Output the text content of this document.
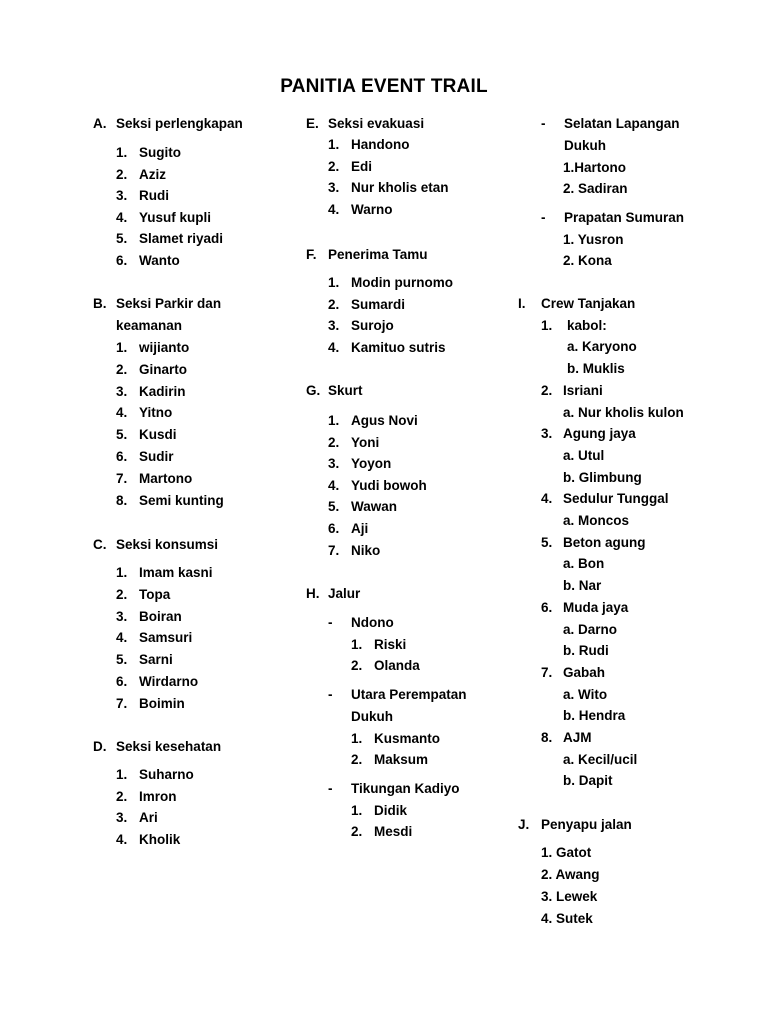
PANITIA EVENT TRAIL
A. Seksi perlengkapan
1. Sugito
2. Aziz
3. Rudi
4. Yusuf kupli
5. Slamet riyadi
6. Wanto
B. Seksi Parkir dan
keamanan
1. wijianto
2. Ginarto
3. Kadirin
4. Yitno
5. Kusdi
6. Sudir
7. Martono
8. Semi kunting
C. Seksi konsumsi
1. Imam kasni
2. Topa
3. Boiran
4. Samsuri
5. Sarni
6. Wirdarno
7. Boimin
D. Seksi kesehatan
1. Suharno
2. Imron
3. Ari
4. Kholik
E. Seksi evakuasi
1. Handono
2. Edi
3. Nur kholis etan
4. Warno
F. Penerima Tamu
1. Modin purnomo
2. Sumardi
3. Surojo
4. Kamituo sutris
G. Skurt
1. Agus Novi
2. Yoni
3. Yoyon
4. Yudi bowoh
5. Wawan
6. Aji
7. Niko
H. Jalur
- Ndono
1. Riski
2. Olanda
- Utara Perempatan
Dukuh
1. Kusmanto
2. Maksum
- Tikungan Kadiyo
1. Didik
2. Mesdi
- Selatan Lapangan
Dukuh
1.Hartono
2. Sadiran
- Prapatan Sumuran
1. Yusron
2. Kona
I. Crew Tanjakan
1. kabol:
a. Karyono
b. Muklis
2. Isriani
a. Nur kholis kulon
3. Agung jaya
a. Utul
b. Glimbung
4. Sedulur Tunggal
a. Moncos
5. Beton agung
a. Bon
b. Nar
6. Muda jaya
a. Darno
b. Rudi
7. Gabah
a. Wito
b. Hendra
8. AJM
a. Kecil/ucil
b. Dapit
J. Penyapu jalan
1. Gatot
2. Awang
3. Lewek
4. Sutek
